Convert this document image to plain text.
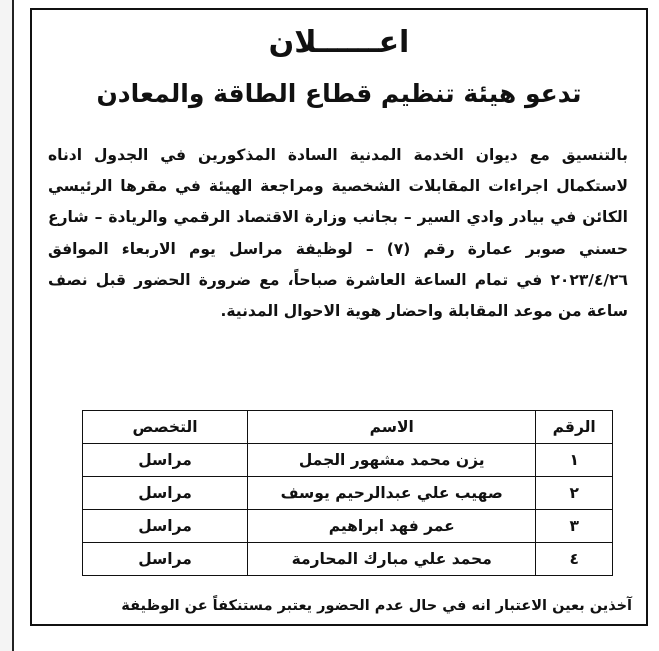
اعــــــلان
تدعو هيئة تنظيم قطاع الطاقة والمعادن
بالتنسيق مع ديوان الخدمة المدنية السادة المذكورين في الجدول ادناه لاستكمال اجراءات المقابلات الشخصية ومراجعة الهيئة في مقرها الرئيسي الكائن في بيادر وادي السير – بجانب وزارة الاقتصاد الرقمي والريادة – شارع حسني صوبر عمارة رقم (٧) – لوظيفة مراسل يوم الاربعاء الموافق ٢٠٢٣/٤/٢٦ في تمام الساعة العاشرة صباحاً، مع ضرورة الحضور قبل نصف ساعة من موعد المقابلة واحضار هوية الاحوال المدنية.
الرقم	الاسم	التخصص
١	يزن محمد مشهور الجمل	مراسل
٢	صهيب علي عبدالرحيم يوسف	مراسل
٣	عمر فهد ابراهيم	مراسل
٤	محمد علي مبارك المحارمة	مراسل
آخذين بعين الاعتبار انه في حال عدم الحضور يعتبر مستنكفاً عن الوظيفة
